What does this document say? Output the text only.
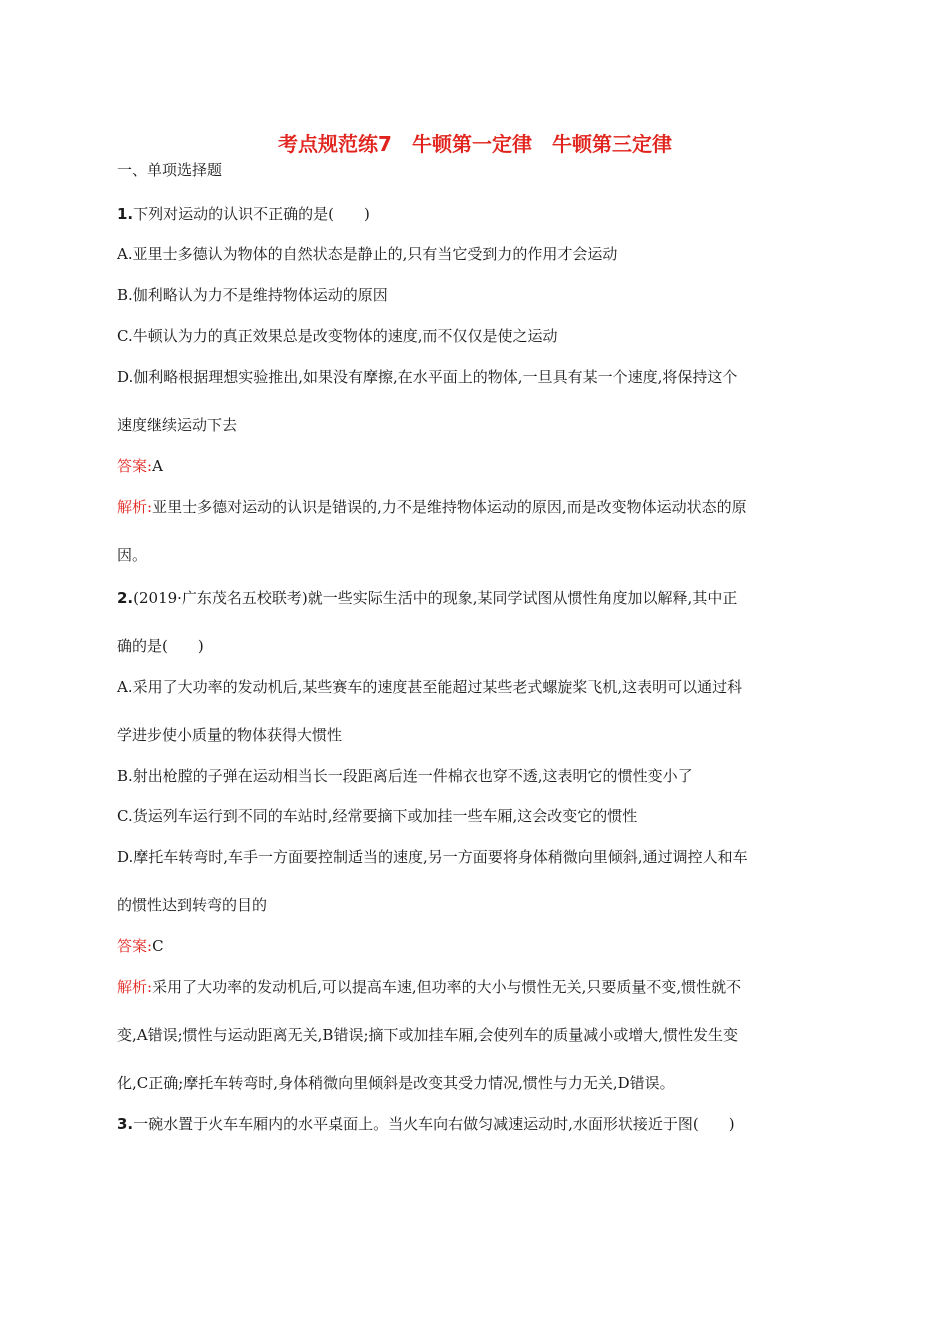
考点规范练7　牛顿第一定律　牛顿第三定律
一、单项选择题
1.下列对运动的认识不正确的是(　　)
A.亚里士多德认为物体的自然状态是静止的,只有当它受到力的作用才会运动
B.伽利略认为力不是维持物体运动的原因
C.牛顿认为力的真正效果总是改变物体的速度,而不仅仅是使之运动
D.伽利略根据理想实验推出,如果没有摩擦,在水平面上的物体,一旦具有某一个速度,将保持这个
速度继续运动下去
答案:A
解析:亚里士多德对运动的认识是错误的,力不是维持物体运动的原因,而是改变物体运动状态的原
因。
2.(2019·广东茂名五校联考)就一些实际生活中的现象,某同学试图从惯性角度加以解释,其中正
确的是(　　)
A.采用了大功率的发动机后,某些赛车的速度甚至能超过某些老式螺旋桨飞机,这表明可以通过科
学进步使小质量的物体获得大惯性
B.射出枪膛的子弹在运动相当长一段距离后连一件棉衣也穿不透,这表明它的惯性变小了
C.货运列车运行到不同的车站时,经常要摘下或加挂一些车厢,这会改变它的惯性
D.摩托车转弯时,车手一方面要控制适当的速度,另一方面要将身体稍微向里倾斜,通过调控人和车
的惯性达到转弯的目的
答案:C
解析:采用了大功率的发动机后,可以提高车速,但功率的大小与惯性无关,只要质量不变,惯性就不
变,A错误;惯性与运动距离无关,B错误;摘下或加挂车厢,会使列车的质量减小或增大,惯性发生变
化,C正确;摩托车转弯时,身体稍微向里倾斜是改变其受力情况,惯性与力无关,D错误。
3.一碗水置于火车车厢内的水平桌面上。当火车向右做匀减速运动时,水面形状接近于图(　　)
